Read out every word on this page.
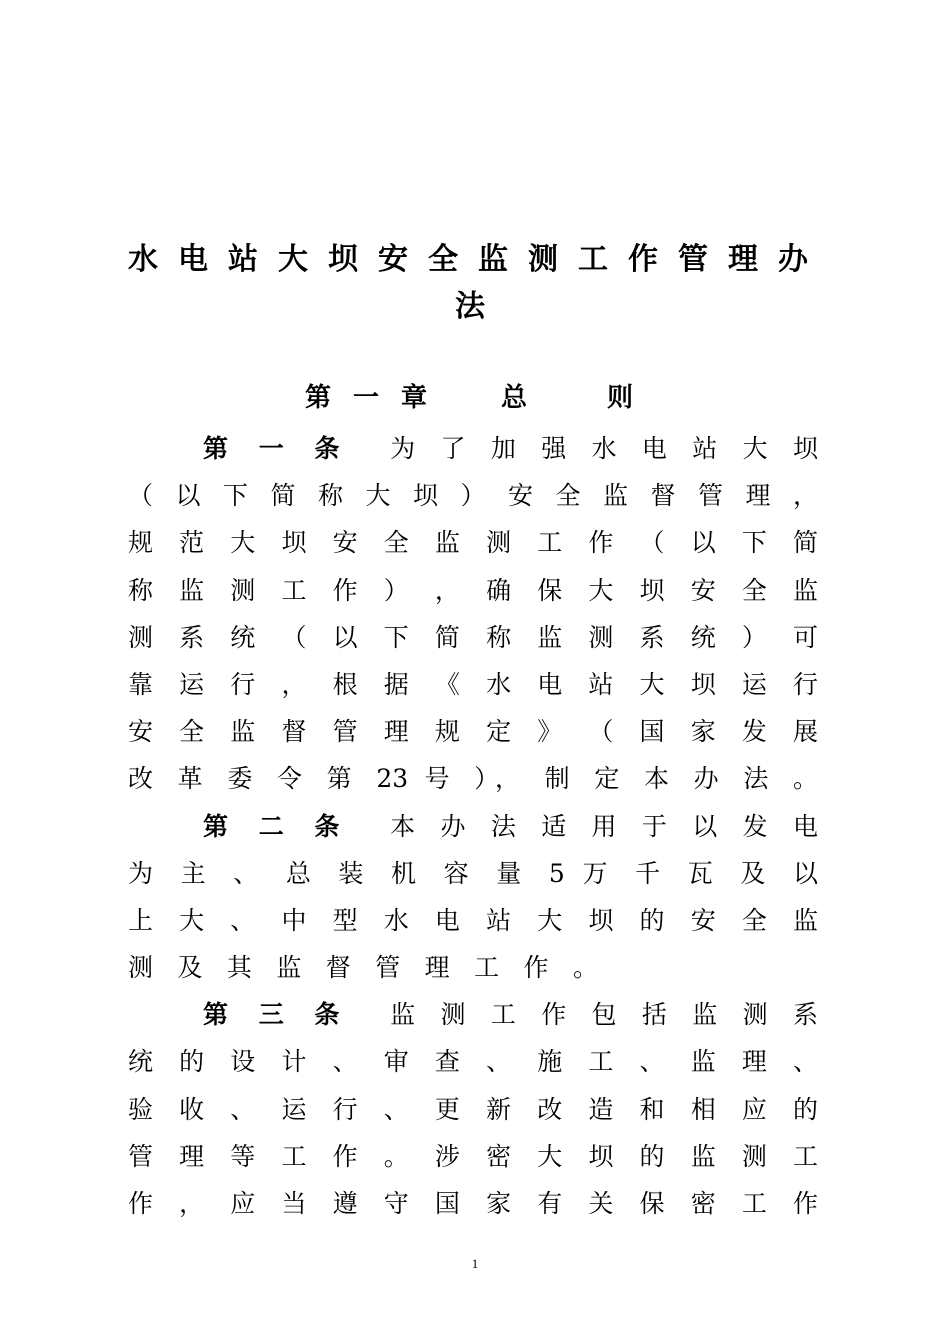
水电站大坝安全监测工作管理办
法
第一章 总则
第一条 为 了 加 强 水 电 站 大 坝
（ 以 下 简 称 大 坝 ） 安 全 监 督 管 理 ，
规 范 大 坝 安 全 监 测 工 作 （ 以 下 简
称 监 测 工 作 ） ， 确 保 大 坝 安 全 监
测 系 统 （ 以 下 简 称 监 测 系 统 ） 可
靠 运 行 ， 根 据 《 水 电 站 大 坝 运 行
安 全 监 督 管 理 规 定 》 （ 国 家 发 展
改 革 委 令 第 23 号 ）， 制 定 本 办 法 。
第二条 本 办 法 适 用 于 以 发 电
为 主 、 总 装 机 容 量 5 万 千 瓦 及 以
上 大 、 中 型 水 电 站 大 坝 的 安 全 监
测 及 其 监 督 管 理 工 作 。
第三条 监 测 工 作 包 括 监 测 系
统 的 设 计 、 审 查 、 施 工 、 监 理 、
验 收 、 运 行 、 更 新 改 造 和 相 应 的
管 理 等 工 作 。 涉 密 大 坝 的 监 测 工
作 ， 应 当 遵 守 国 家 有 关 保 密 工 作
1
